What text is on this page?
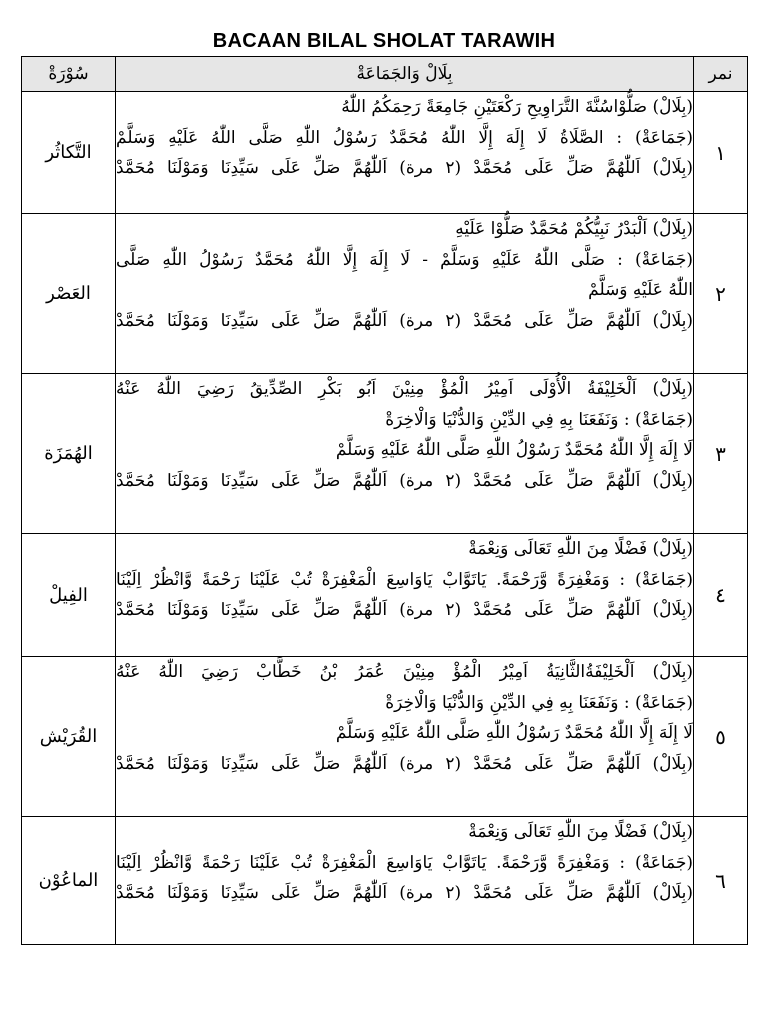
BACAAN BILAL SHOLAT TARAWIH
نمر	بِلَالْ وَالجَمَاعَةْ	سُوْرَةْ
١	(بِلَالْ) صَلُّوْاسُنَّةَ التَّرَاوِيحِ رَكْعَتَيْنِ جَامِعَةً رَحِمَكُمُ اللّٰهُ
(جَمَاعَةْ) : الصَّلَاةُ لَا إِلَهَ إِلَّا اللّٰهُ مُحَمَّدٌ رَسُوْلُ اللّٰهِ صَلَّى اللّٰهُ عَلَيْهِ وَسَلَّمْ
(بِلَالْ) اَللّٰهُمَّ صَلِّ عَلَى مُحَمَّدْ (٢ مرة) اَللّٰهُمَّ صَلِّ عَلَى سَيِّدِنَا وَمَوْلَنَا مُحَمَّدْ	التَّكاثُر
٢	(بِلَالْ) اَلْبَدْرُ نَبِيُّكُمْ مُحَمَّدٌ صَلُّوْا عَلَيْهِ
(جَمَاعَةْ) : صَلَّى اللّٰهُ عَلَيْهِ وَسَلَّمْ - لَا إِلَهَ إِلَّا اللّٰهُ مُحَمَّدٌ رَسُوْلُ اللّٰهِ صَلَّى
اللّٰهُ عَلَيْهِ وَسَلَّمْ
(بِلَالْ) اَللّٰهُمَّ صَلِّ عَلَى مُحَمَّدْ (٢ مرة) اَللّٰهُمَّ صَلِّ عَلَى سَيِّدِنَا وَمَوْلَنَا مُحَمَّدْ	العَصْر
٣	(بِلَالْ) اَلْخَلِيْفَةُ الْأُوْلَى اَمِيْرُ الْمُؤْ مِنِيْنَ اَبُو بَكْرِ الصِّدِّيقُ رَضِيَ اللّٰهُ عَنْهُ
(جَمَاعَةْ) : وَنَفَعَنَا بِهِ فِي الدِّيْنِ وَالدُّنْيَا وَالْاخِرَةْ
لَا إِلَهَ إِلَّا اللّٰهُ مُحَمَّدٌ رَسُوْلُ اللّٰهِ صَلَّى اللّٰهُ عَلَيْهِ وَسَلَّمْ
(بِلَالْ) اَللّٰهُمَّ صَلِّ عَلَى مُحَمَّدْ (٢ مرة) اَللّٰهُمَّ صَلِّ عَلَى سَيِّدِنَا وَمَوْلَنَا مُحَمَّدْ	الهُمَزَة
٤	(بِلَالْ) فَضْلًا مِنَ اللّٰهِ تَعَالَى وَنِعْمَةْ
(جَمَاعَةْ) : وَمَغْفِرَةً وَّرَحْمَةً. يَاتَوَّابْ يَاوَاسِعَ الْمَغْفِرَةْ تُبْ عَلَيْنَا رَحْمَةً وَّانْظُرْ اِلَيْنَا
(بِلَالْ) اَللّٰهُمَّ صَلِّ عَلَى مُحَمَّدْ (٢ مرة) اَللّٰهُمَّ صَلِّ عَلَى سَيِّدِنَا وَمَوْلَنَا مُحَمَّدْ	الفِيلْ
٥	(بِلَالْ) اَلْخَلِيْفَةُالثَّانِيَةُ اَمِيْرُ الْمُؤْ مِنِيْنَ عُمَرُ بْنُ خَطَّابْ رَضِيَ اللّٰهُ عَنْهُ
(جَمَاعَةْ) : وَنَفَعَنَا بِهِ فِي الدِّيْنِ وَالدُّنْيَا وَالْاخِرَةْ
لَا إِلَهَ إِلَّا اللّٰهُ مُحَمَّدٌ رَسُوْلُ اللّٰهِ صَلَّى اللّٰهُ عَلَيْهِ وَسَلَّمْ
(بِلَالْ) اَللّٰهُمَّ صَلِّ عَلَى مُحَمَّدْ (٢ مرة) اَللّٰهُمَّ صَلِّ عَلَى سَيِّدِنَا وَمَوْلَنَا مُحَمَّدْ	القُرَيْش
٦	(بِلَالْ) فَضْلًا مِنَ اللّٰهِ تَعَالَى وَنِعْمَةْ
(جَمَاعَةْ) : وَمَغْفِرَةً وَّرَحْمَةً. يَاتَوَّابْ يَاوَاسِعَ الْمَغْفِرَةْ تُبْ عَلَيْنَا رَحْمَةً وَّانْظُرْ اِلَيْنَا
(بِلَالْ) اَللّٰهُمَّ صَلِّ عَلَى مُحَمَّدْ (٢ مرة) اَللّٰهُمَّ صَلِّ عَلَى سَيِّدِنَا وَمَوْلَنَا مُحَمَّدْ	الماعُوْن
